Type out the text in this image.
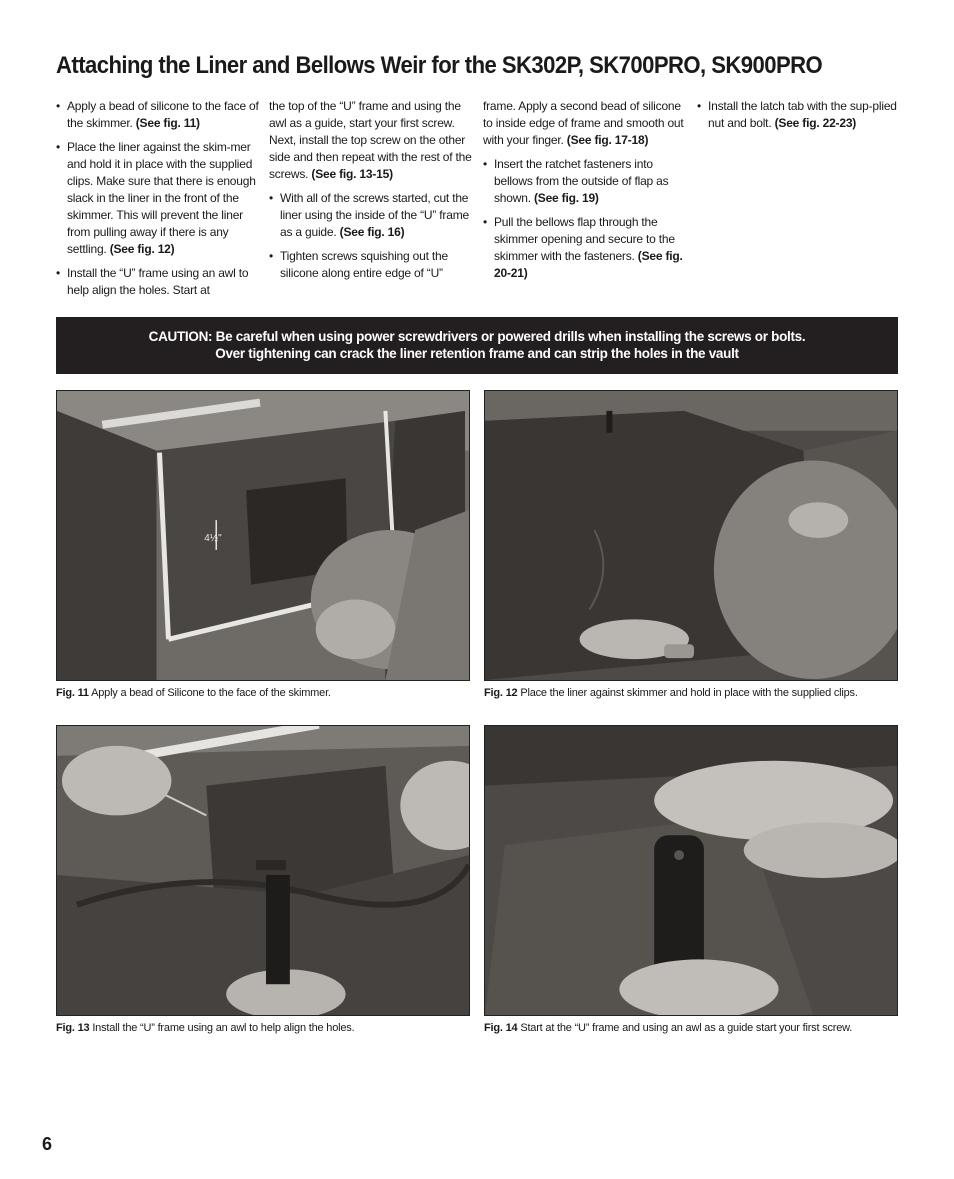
Attaching the Liner and Bellows Weir for the SK302P, SK700PRO, SK900PRO

• Apply a bead of silicone to the face of the skimmer. (See fig. 11)

• Place the liner against the skim-mer and hold it in place with the supplied clips. Make sure that there is enough slack in the liner in the front of the skimmer. This will prevent the liner from pulling away if there is any settling. (See fig. 12)

• Install the “U” frame using an awl to help align the holes. Start at

the top of the “U” frame and using the awl as a guide, start your first screw. Next, install the top screw on the other side and then repeat with the rest of the screws. (See fig. 13-15)

• With all of the screws started, cut the liner using the inside of the “U” frame as a guide. (See fig. 16)

• Tighten screws squishing out the silicone along entire edge of “U”

frame. Apply a second bead of silicone to inside edge of frame and smooth out with your finger. (See fig. 17-18)

• Insert the ratchet fasteners into bellows from the outside of flap as shown. (See fig. 19)

• Pull the bellows flap through the skimmer opening and secure to the skimmer with the fasteners. (See fig. 20-21)

• Install the latch tab with the sup-plied nut and bolt. (See fig. 22-23)

CAUTION: Be careful when using power screwdrivers or powered drills when installing the screws or bolts.
Over tightening can crack the liner retention frame and can strip the holes in the vault
4½"
Fig. 11 Apply a bead of Silicone to the face of the skimmer.	Fig. 12 Place the liner against skimmer and hold in place with the supplied clips.
Fig. 13 Install the “U” frame using an awl to help align the holes.	Fig. 14 Start at the “U” frame and using an awl as a guide start your first screw.
6
